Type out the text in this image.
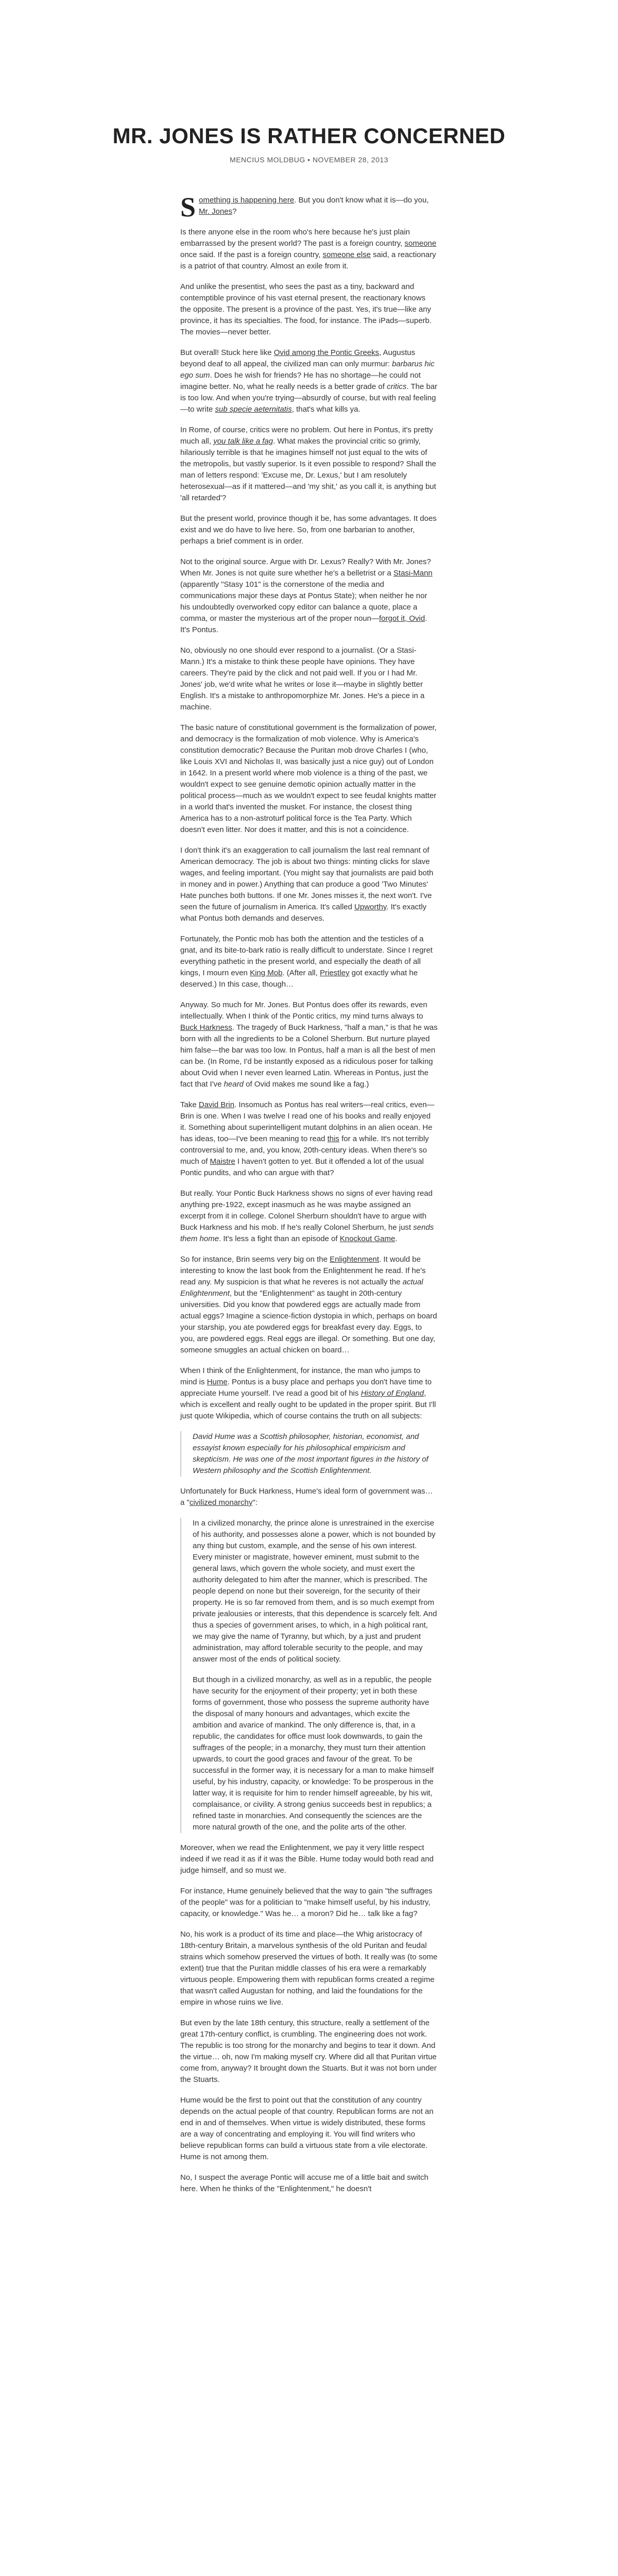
MR. JONES IS RATHER CONCERNED
MENCIUS MOLDBUG • NOVEMBER 28, 2013

Something is happening here. But you don't know what it is—do you, Mr. Jones?

Is there anyone else in the room who's here because he's just plain embarrassed by the present world? The past is a foreign country, someone once said. If the past is a foreign country, someone else said, a reactionary is a patriot of that country. Almost an exile from it.

And unlike the presentist, who sees the past as a tiny, backward and contemptible province of his vast eternal present, the reactionary knows the opposite. The present is a province of the past. Yes, it's true—like any province, it has its specialties. The food, for instance. The iPads—superb. The movies—never better.

But overall! Stuck here like Ovid among the Pontic Greeks, Augustus beyond deaf to all appeal, the civilized man can only murmur: barbarus hic ego sum. Does he wish for friends? He has no shortage—he could not imagine better. No, what he really needs is a better grade of critics. The bar is too low. And when you're trying—absurdly of course, but with real feeling—to write sub specie aeternitatis, that's what kills ya.

In Rome, of course, critics were no problem. Out here in Pontus, it's pretty much all, you talk like a fag. What makes the provincial critic so grimly, hilariously terrible is that he imagines himself not just equal to the wits of the metropolis, but vastly superior. Is it even possible to respond? Shall the man of letters respond: 'Excuse me, Dr. Lexus,' but I am resolutely heterosexual—as if it mattered—and 'my shit,' as you call it, is anything but 'all retarded'?

But the present world, province though it be, has some advantages. It does exist and we do have to live here. So, from one barbarian to another, perhaps a brief comment is in order.

Not to the original source. Argue with Dr. Lexus? Really? With Mr. Jones? When Mr. Jones is not quite sure whether he's a belletrist or a Stasi-Mann (apparently "Stasy 101" is the cornerstone of the media and communications major these days at Pontus State); when neither he nor his undoubtedly overworked copy editor can balance a quote, place a comma, or master the mysterious art of the proper noun—forgot it, Ovid. It's Pontus.

No, obviously no one should ever respond to a journalist. (Or a Stasi-Mann.) It's a mistake to think these people have opinions. They have careers. They're paid by the click and not paid well. If you or I had Mr. Jones' job, we'd write what he writes or lose it—maybe in slightly better English. It's a mistake to anthropomorphize Mr. Jones. He's a piece in a machine.

The basic nature of constitutional government is the formalization of power, and democracy is the formalization of mob violence. Why is America's constitution democratic? Because the Puritan mob drove Charles I (who, like Louis XVI and Nicholas II, was basically just a nice guy) out of London in 1642. In a present world where mob violence is a thing of the past, we wouldn't expect to see genuine demotic opinion actually matter in the political process—much as we wouldn't expect to see feudal knights matter in a world that's invented the musket. For instance, the closest thing America has to a non-astroturf political force is the Tea Party. Which doesn't even litter. Nor does it matter, and this is not a coincidence.

I don't think it's an exaggeration to call journalism the last real remnant of American democracy. The job is about two things: minting clicks for slave wages, and feeling important. (You might say that journalists are paid both in money and in power.) Anything that can produce a good 'Two Minutes' Hate punches both buttons. If one Mr. Jones misses it, the next won't. I've seen the future of journalism in America. It's called Upworthy. It's exactly what Pontus both demands and deserves.

Fortunately, the Pontic mob has both the attention and the testicles of a gnat, and its bite-to-bark ratio is really difficult to understate. Since I regret everything pathetic in the present world, and especially the death of all kings, I mourn even King Mob. (After all, Priestley got exactly what he deserved.) In this case, though…

Anyway. So much for Mr. Jones. But Pontus does offer its rewards, even intellectually. When I think of the Pontic critics, my mind turns always to Buck Harkness. The tragedy of Buck Harkness, "half a man," is that he was born with all the ingredients to be a Colonel Sherburn. But nurture played him false—the bar was too low. In Pontus, half a man is all the best of men can be. (In Rome, I'd be instantly exposed as a ridiculous poser for talking about Ovid when I never even learned Latin. Whereas in Pontus, just the fact that I've heard of Ovid makes me sound like a fag.)

Take David Brin. Insomuch as Pontus has real writers—real critics, even—Brin is one. When I was twelve I read one of his books and really enjoyed it. Something about superintelligent mutant dolphins in an alien ocean. He has ideas, too—I've been meaning to read this for a while. It's not terribly controversial to me, and, you know, 20th-century ideas. When there's so much of Maistre I haven't gotten to yet. But it offended a lot of the usual Pontic pundits, and who can argue with that?

But really. Your Pontic Buck Harkness shows no signs of ever having read anything pre-1922, except inasmuch as he was maybe assigned an excerpt from it in college. Colonel Sherburn shouldn't have to argue with Buck Harkness and his mob. If he's really Colonel Sherburn, he just sends them home. It's less a fight than an episode of Knockout Game.

So for instance, Brin seems very big on the Enlightenment. It would be interesting to know the last book from the Enlightenment he read. If he's read any. My suspicion is that what he reveres is not actually the actual Enlightenment, but the "Enlightenment" as taught in 20th-century universities. Did you know that powdered eggs are actually made from actual eggs? Imagine a science-fiction dystopia in which, perhaps on board your starship, you ate powdered eggs for breakfast every day. Eggs, to you, are powdered eggs. Real eggs are illegal. Or something. But one day, someone smuggles an actual chicken on board…

When I think of the Enlightenment, for instance, the man who jumps to mind is Hume. Pontus is a busy place and perhaps you don't have time to appreciate Hume yourself. I've read a good bit of his History of England, which is excellent and really ought to be updated in the proper spirit. But I'll just quote Wikipedia, which of course contains the truth on all subjects:

David Hume was a Scottish philosopher, historian, economist, and essayist known especially for his philosophical empiricism and skepticism. He was one of the most important figures in the history of Western philosophy and the Scottish Enlightenment.

Unfortunately for Buck Harkness, Hume's ideal form of government was… a "civilized monarchy":

In a civilized monarchy, the prince alone is unrestrained in the exercise of his authority, and possesses alone a power, which is not bounded by any thing but custom, example, and the sense of his own interest. Every minister or magistrate, however eminent, must submit to the general laws, which govern the whole society, and must exert the authority delegated to him after the manner, which is prescribed. The people depend on none but their sovereign, for the security of their property. He is so far removed from them, and is so much exempt from private jealousies or interests, that this dependence is scarcely felt. And thus a species of government arises, to which, in a high political rant, we may give the name of Tyranny, but which, by a just and prudent administration, may afford tolerable security to the people, and may answer most of the ends of political society.

But though in a civilized monarchy, as well as in a republic, the people have security for the enjoyment of their property; yet in both these forms of government, those who possess the supreme authority have the disposal of many honours and advantages, which excite the ambition and avarice of mankind. The only difference is, that, in a republic, the candidates for office must look downwards, to gain the suffrages of the people; in a monarchy, they must turn their attention upwards, to court the good graces and favour of the great. To be successful in the former way, it is necessary for a man to make himself useful, by his industry, capacity, or knowledge: To be prosperous in the latter way, it is requisite for him to render himself agreeable, by his wit, complaisance, or civility. A strong genius succeeds best in republics; a refined taste in monarchies. And consequently the sciences are the more natural growth of the one, and the polite arts of the other.

Moreover, when we read the Enlightenment, we pay it very little respect indeed if we read it as if it was the Bible. Hume today would both read and judge himself, and so must we.

For instance, Hume genuinely believed that the way to gain "the suffrages of the people" was for a politician to "make himself useful, by his industry, capacity, or knowledge." Was he… a moron? Did he… talk like a fag?

No, his work is a product of its time and place—the Whig aristocracy of 18th-century Britain, a marvelous synthesis of the old Puritan and feudal strains which somehow preserved the virtues of both. It really was (to some extent) true that the Puritan middle classes of his era were a remarkably virtuous people. Empowering them with republican forms created a regime that wasn't called Augustan for nothing, and laid the foundations for the empire in whose ruins we live.

But even by the late 18th century, this structure, really a settlement of the great 17th-century conflict, is crumbling. The engineering does not work. The republic is too strong for the monarchy and begins to tear it down. And the virtue… oh, now I'm making myself cry. Where did all that Puritan virtue come from, anyway? It brought down the Stuarts. But it was not born under the Stuarts.

Hume would be the first to point out that the constitution of any country depends on the actual people of that country. Republican forms are not an end in and of themselves. When virtue is widely distributed, these forms are a way of concentrating and employing it. You will find writers who believe republican forms can build a virtuous state from a vile electorate. Hume is not among them.

No, I suspect the average Pontic will accuse me of a little bait and switch here. When he thinks of the "Enlightenment," he doesn't
